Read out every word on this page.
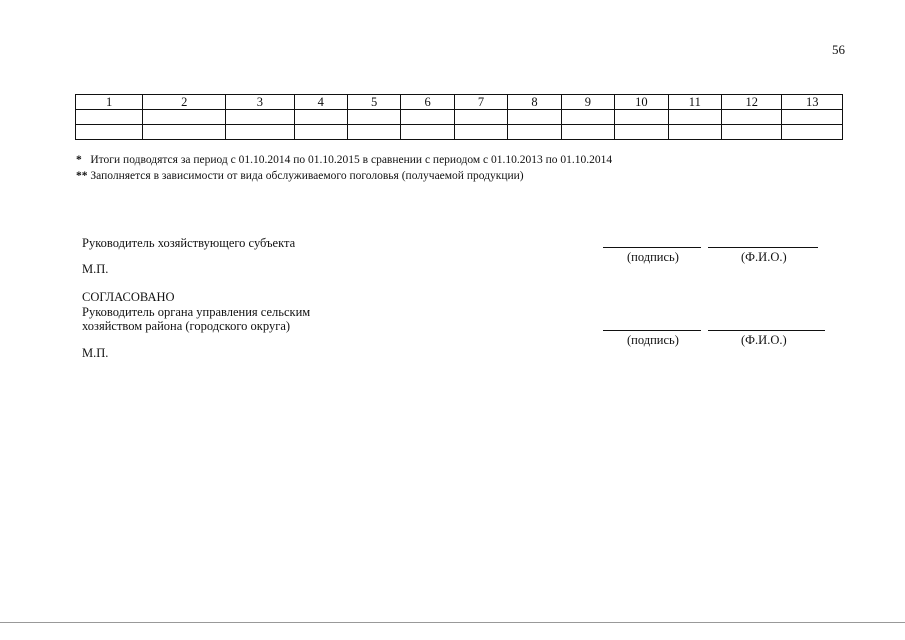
56
1	2	3	4	5	6	7	8	9	10	11	12	13

* Итоги подводятся за период с 01.10.2014 по 01.10.2015 в сравнении с периодом с 01.10.2013 по 01.10.2014
** Заполняется в зависимости от вида обслуживаемого поголовья (получаемой продукции)
Руководитель хозяйствующего субъекта
М.П.
(подпись)	(Ф.И.О.)
СОГЛАСОВАНО
Руководитель органа управления сельским
хозяйством района (городского округа)
М.П.
(подпись)	(Ф.И.О.)
